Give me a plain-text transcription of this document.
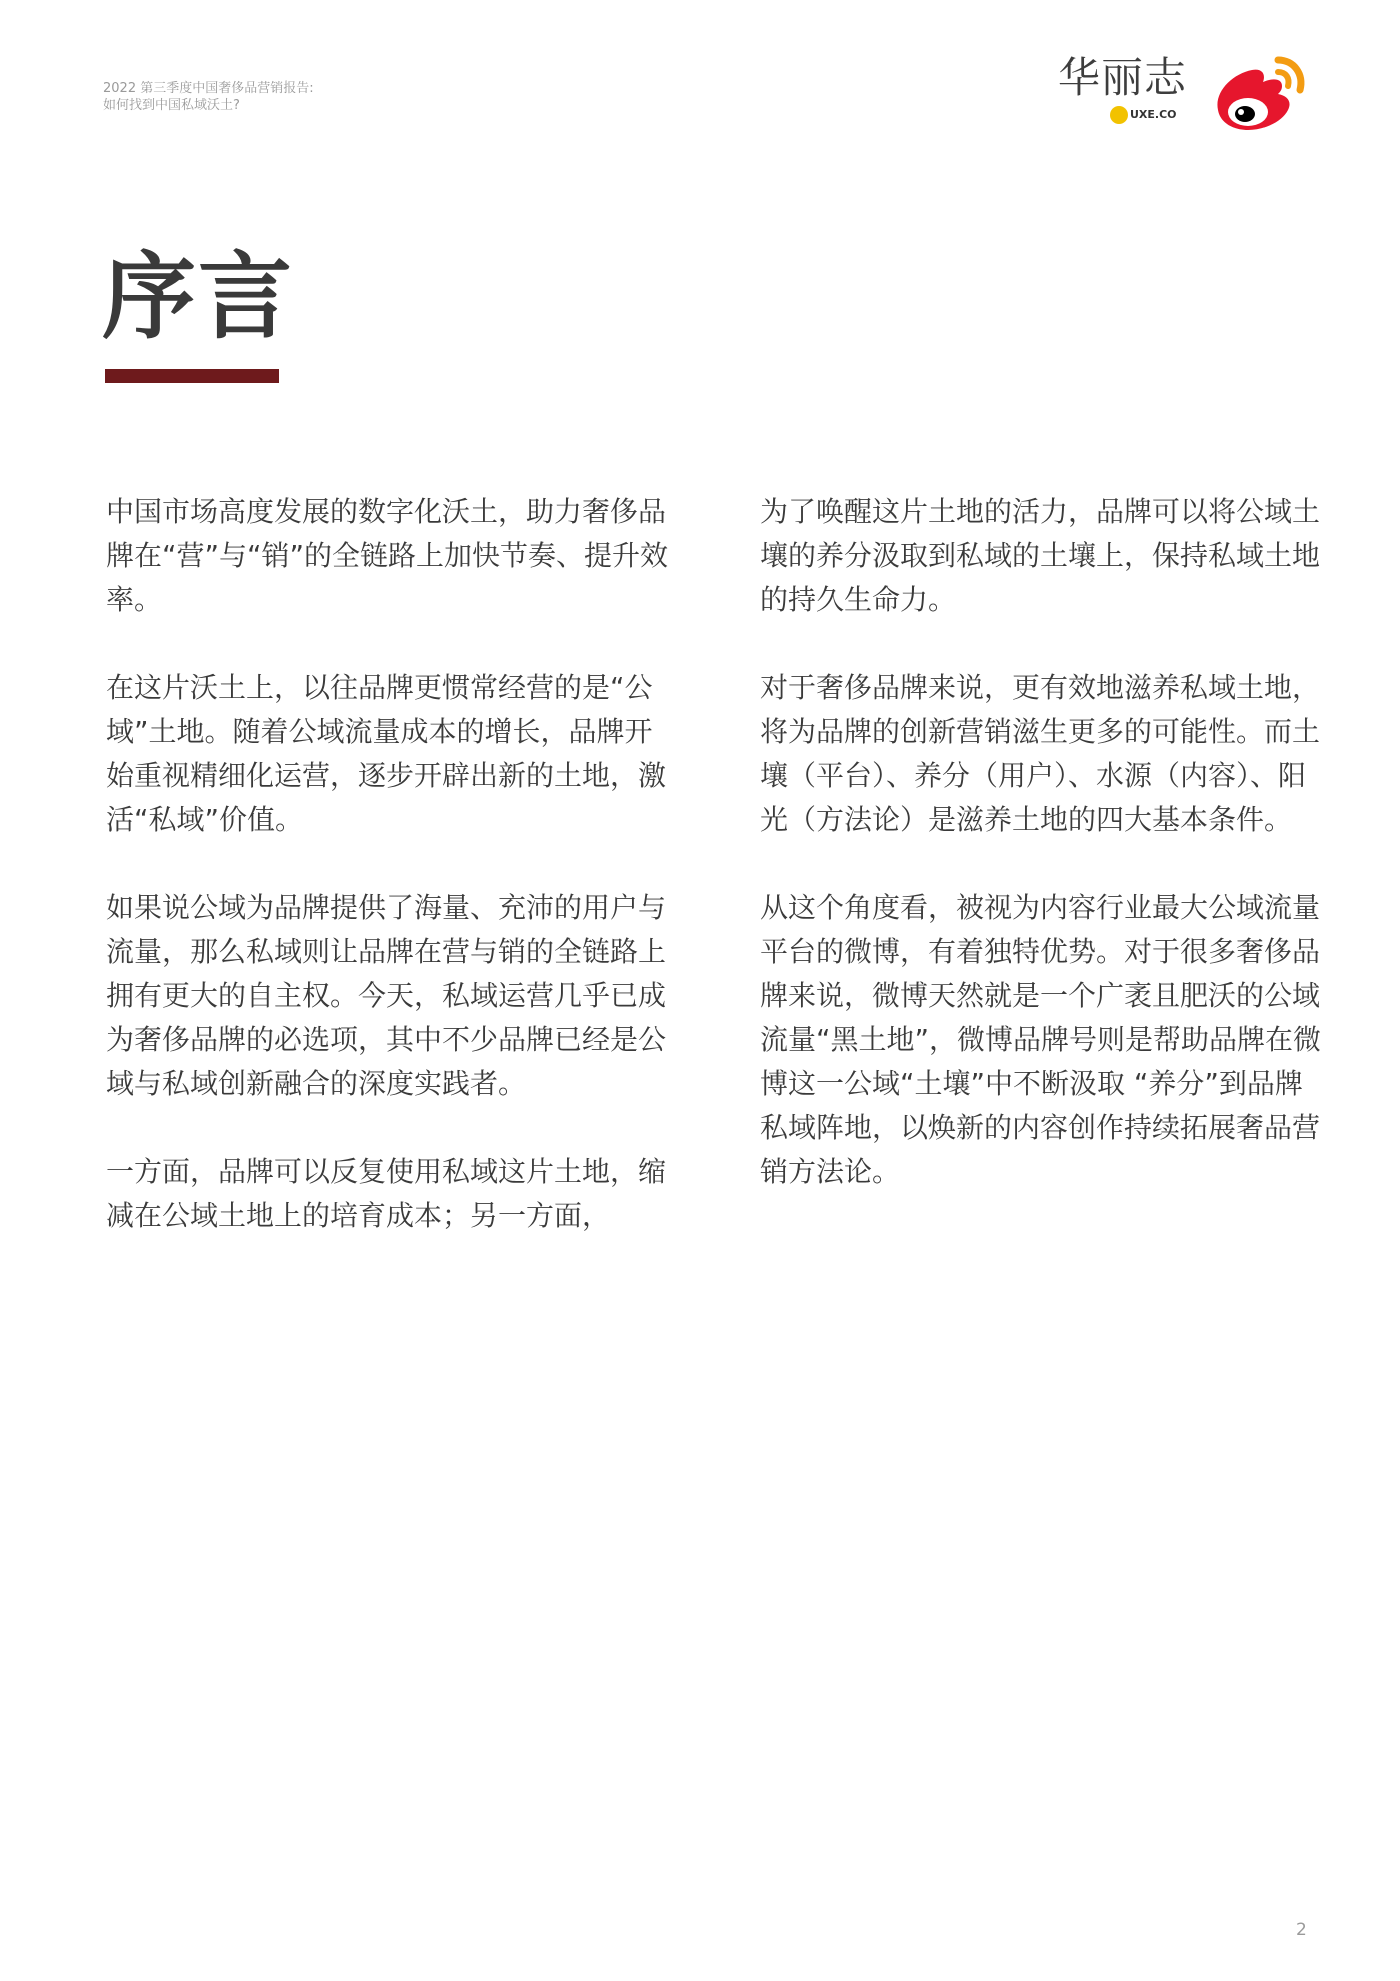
2022 第三季度中国奢侈品营销报告:
如何找到中国私域沃土?
华丽志
UXE.CO
序言

中国市场高度发展的数字化沃土，助力奢侈品牌在“营”与“销”的全链路上加快节奏、提升效率。

在这片沃土上，以往品牌更惯常经营的是“公域”土地。随着公域流量成本的增长，品牌开始重视精细化运营，逐步开辟出新的土地，激活“私域”价值。

如果说公域为品牌提供了海量、充沛的用户与流量，那么私域则让品牌在营与销的全链路上拥有更大的自主权。今天，私域运营几乎已成为奢侈品牌的必选项，其中不少品牌已经是公域与私域创新融合的深度实践者。

一方面，品牌可以反复使用私域这片土地，缩减在公域土地上的培育成本；另一方面，

为了唤醒这片土地的活力，品牌可以将公域土壤的养分汲取到私域的土壤上，保持私域土地的持久生命力。

对于奢侈品牌来说，更有效地滋养私域土地，将为品牌的创新营销滋生更多的可能性。而土壤（平台）、养分（用户）、水源（内容）、阳光（方法论）是滋养土地的四大基本条件。

从这个角度看，被视为内容行业最大公域流量平台的微博，有着独特优势。对于很多奢侈品牌来说，微博天然就是一个广袤且肥沃的公域流量“黑土地”，微博品牌号则是帮助品牌在微博这一公域“土壤”中不断汲取 “养分”到品牌私域阵地，以焕新的内容创作持续拓展奢品营销方法论。

2
